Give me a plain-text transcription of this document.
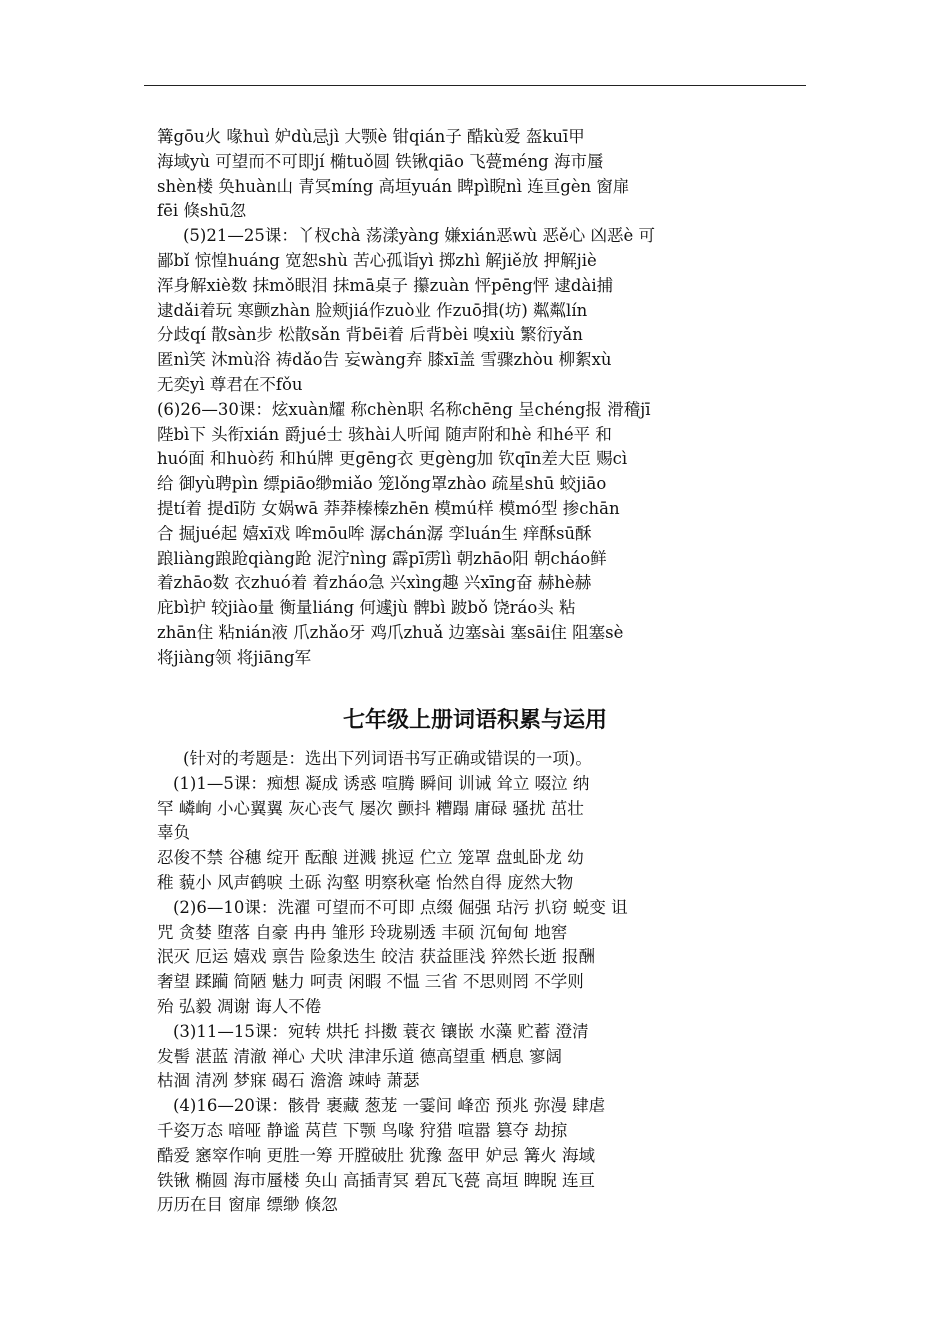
篝gōu火 喙huì 妒dù忌jì 大颚è 钳qián子 酷kù爱 盔kuī甲
海域yù 可望而不可即jí 椭tuǒ圆 铁锹qiāo 飞甍méng 海市蜃
shèn楼 奂huàn山 青冥míng 高垣yuán 睥pì睨nì 连亘gèn 窗扉
fēi 倏shū忽
(5)21—25课：丫杈chà 荡漾yàng 嫌xián恶wù 恶ě心 凶恶è 可
鄙bǐ 惊惶huáng 宽恕shù 苦心孤诣yì 掷zhì 解jiě放 押解jiè
浑身解xiè数 抹mǒ眼泪 抹mā桌子 攥zuàn 怦pēng怦 逮dài捕
逮dǎi着玩 寒颤zhàn 脸颊jiá作zuò业 作zuō揖(坊) 粼粼lín
分歧qí 散sàn步 松散sǎn 背bēi着 后背bèi 嗅xiù 繁衍yǎn
匿nì笑 沐mù浴 祷dǎo告 妄wàng弃 膝xī盖 雪骤zhòu 柳絮xù
无奕yì 尊君在不fǒu
(6)26—30课：炫xuàn耀 称chèn职 名称chēng 呈chéng报 滑稽jī
陛bì下 头衔xián 爵jué士 骇hài人听闻 随声附和hè 和hé平 和
huó面 和huò药 和hú牌 更gēng衣 更gèng加 钦qīn差大臣 赐cì
给 御yù聘pìn 缥piāo缈miǎo 笼lǒng罩zhào 疏星shū 蛟jiāo
提tí着 提dī防 女娲wā 莽莽榛榛zhēn 模mú样 模mó型 掺chān
合 掘jué起 嬉xī戏 哞mōu哞 潺chán潺 孪luán生 痒酥sū酥
踉liàng踉跄qiàng跄 泥泞nìng 霹pī雳lì 朝zhāo阳 朝cháo鲜
着zhāo数 衣zhuó着 着zháo急 兴xìng趣 兴xīng奋 赫hè赫
庇bì护 较jiào量 衡量liáng 何遽jù 髀bì 跛bǒ 饶ráo头 粘
zhān住 粘nián液 爪zhǎo牙 鸡爪zhuǎ 边塞sài 塞sāi住 阻塞sè
将jiàng领 将jiāng军
七年级上册词语积累与运用
(针对的考题是：选出下列词语书写正确或错误的一项)。
(1)1—5课：痴想 凝成 诱惑 喧腾 瞬间 训诫 耸立 啜泣 纳
罕 嶙峋 小心翼翼 灰心丧气 屡次 颤抖 糟蹋 庸碌 骚扰 茁壮
辜负
忍俊不禁 谷穗 绽开 酝酿 迸溅 挑逗 伫立 笼罩 盘虬卧龙 幼
稚 藐小 风声鹤唳 土砾 沟壑 明察秋毫 怡然自得 庞然大物
(2)6—10课：洗濯 可望而不可即 点缀 倔强 玷污 扒窃 蜕变 诅
咒 贪婪 堕落 自豪 冉冉 雏形 玲珑剔透 丰硕 沉甸甸 地窖
泯灭 厄运 嬉戏 禀告 险象迭生 皎洁 获益匪浅 猝然长逝 报酬
奢望 蹂躏 简陋 魅力 呵责 闲暇 不愠 三省 不思则罔 不学则
殆 弘毅 凋谢 诲人不倦
(3)11—15课：宛转 烘托 抖擞 蓑衣 镶嵌 水藻 贮蓄 澄清
发髻 湛蓝 清澈 禅心 犬吠 津津乐道 德高望重 栖息 寥阔
枯涸 清冽 梦寐 碣石 澹澹 竦峙 萧瑟
(4)16—20课：骸骨 裹藏 葱茏 一霎间 峰峦 预兆 弥漫 肆虐
千姿万态 喑哑 静谧 莴苣 下颚 鸟喙 狩猎 喧嚣 篡夺 劫掠
酷爱 窸窣作响 更胜一筹 开膛破肚 犹豫 盔甲 妒忌 篝火 海域
铁锹 椭圆 海市蜃楼 奂山 高插青冥 碧瓦飞甍 高垣 睥睨 连亘
历历在目 窗扉 缥缈 倏忽
